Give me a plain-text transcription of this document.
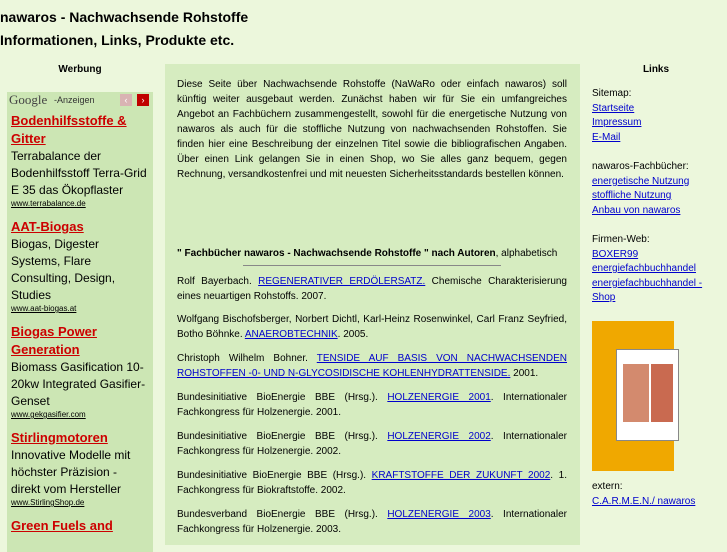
nawaros - Nachwachsende Rohstoffe
Informationen, Links, Produkte etc.
Werbung
Google -Anzeigen	‹	›
Bodenhilfsstoffe & Gitter
Terrabalance der Bodenhilfsstoff Terra-Grid E 35 das Ökopflaster
www.terrabalance.de
AAT-Biogas
Biogas, Digester Systems, Flare Consulting, Design, Studies
www.aat-biogas.at
Biogas Power Generation
Biomass Gasification 10-20kw Integrated Gasifier-Genset
www.gekgasifier.com
Stirlingmotoren
Innovative Modelle mit höchster Präzision - direkt vom Hersteller
www.StirlingShop.de
Green Fuels and
Diese Seite über Nachwachsende Rohstoffe (NaWaRo oder einfach nawaros) soll künftig weiter ausgebaut werden. Zunächst haben wir für Sie ein umfangreiches Angebot an Fachbüchern zusammengestellt, sowohl für die energetische Nutzung von nawaros als auch für die stoffliche Nutzung von nachwachsenden Rohstoffen. Sie finden hier eine Beschreibung der einzelnen Titel sowie die bibliografischen Angaben. Über einen Link gelangen Sie in einen Shop, wo Sie alles ganz bequem, gegen Rechnung, versandkostenfrei und mit neuesten Sicherheitsstandards bestellen können.
" Fachbücher nawaros - Nachwachsende Rohstoffe " nach Autoren, alphabetisch
Rolf Bayerbach. REGENERATIVER ERDÖLERSATZ. Chemische Charakterisierung eines neuartigen Rohstoffs. 2007.
Wolfgang Bischofsberger, Norbert Dichtl, Karl-Heinz Rosenwinkel, Carl Franz Seyfried, Botho Böhnke. ANAEROBTECHNIK. 2005.
Christoph Wilhelm Bohner. TENSIDE AUF BASIS VON NACHWACHSENDEN ROHSTOFFEN -0- UND N-GLYCOSIDISCHE KOHLENHYDRATTENSIDE. 2001.
Bundesinitiative BioEnergie BBE (Hrsg.). HOLZENERGIE 2001. Internationaler Fachkongress für Holzenergie. 2001.
Bundesinitiative BioEnergie BBE (Hrsg.). HOLZENERGIE 2002. Internationaler Fachkongress für Holzenergie. 2002.
Bundesinitiative BioEnergie BBE (Hrsg.). KRAFTSTOFFE DER ZUKUNFT 2002. 1. Fachkongress für Biokraftstoffe. 2002.
Bundesverband BioEnergie BBE (Hrsg.). HOLZENERGIE 2003. Internationaler Fachkongress für Holzenergie. 2003.
Links
Sitemap:
Startseite
Impressum
E-Mail
nawaros-Fachbücher:
energetische Nutzung
stoffliche Nutzung
Anbau von nawaros
Firmen-Web:
BOXER99
energiefachbuchhandel
energiefachbuchhandel - Shop
extern:
C.A.R.M.E.N./ nawaros
